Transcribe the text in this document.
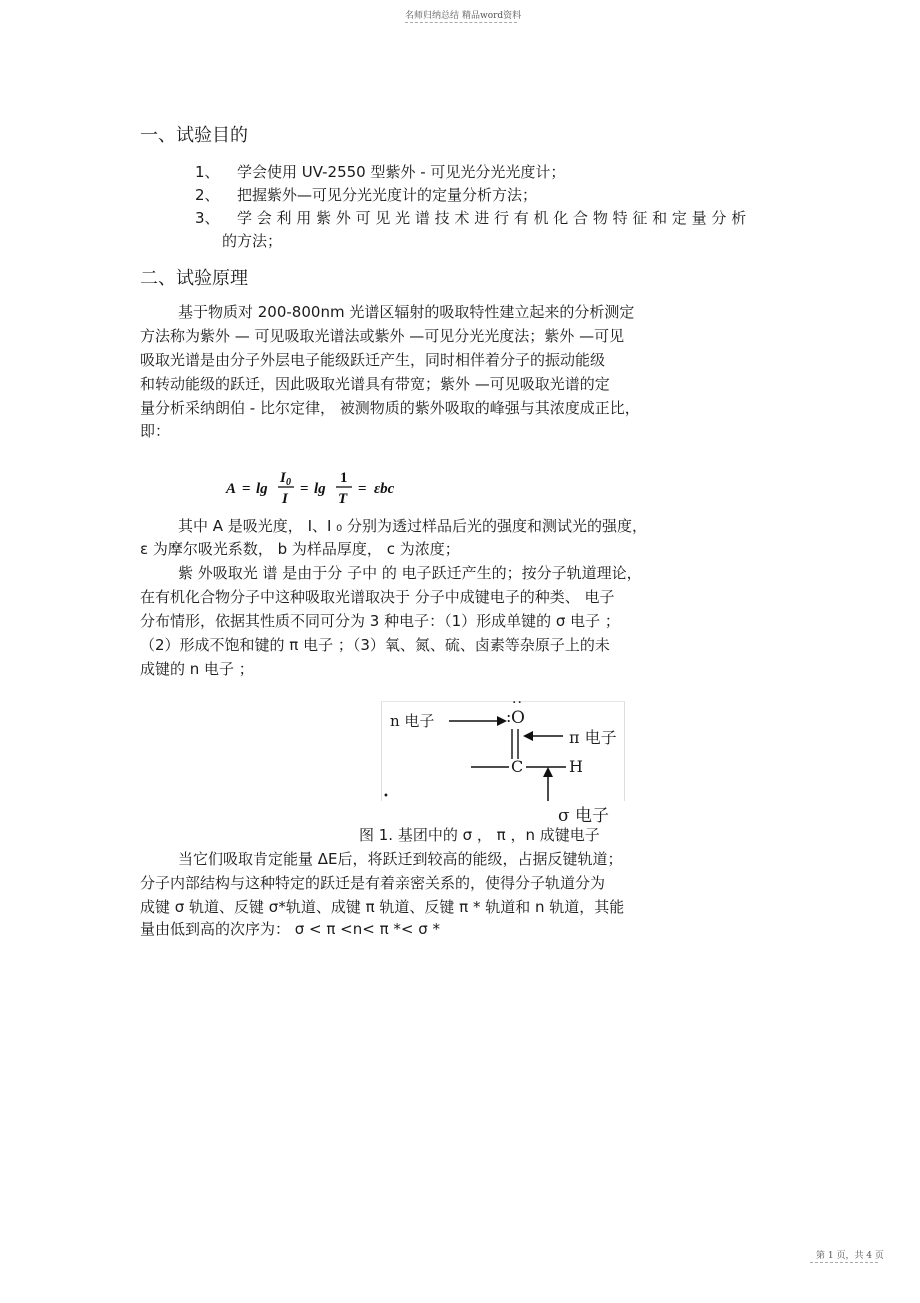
名师归纳总结 精品word资料
一、试验目的
1、 学会使用 UV-2550 型紫外 - 可见光分光光度计；
2、 把握紫外—可见分光光度计的定量分析方法；
3、 学 会 利 用 紫 外 可 见 光 谱 技 术 进 行 有 机 化 合 物 特 征 和 定 量 分 析
的方法；
二、试验原理
基于物质对 200-800nm 光谱区辐射的吸取特性建立起来的分析测定
方法称为紫外 — 可见吸取光谱法或紫外 —可见分光光度法；紫外 —可见
吸取光谱是由分子外层电子能级跃迁产生，同时相伴着分子的振动能级
和转动能级的跃迁，因此吸取光谱具有带宽；紫外 —可见吸取光谱的定
量分析采纳朗伯 - 比尔定律， 被测物质的紫外吸取的峰强与其浓度成正比，
即：
A = lg
I 0
I
= lg
1
T
= εbc
其中 A 是吸光度， I、I ₀ 分别为透过样品后光的强度和测试光的强度，
ε 为摩尔吸光系数， b 为样品厚度， c 为浓度；
紫 外吸取光 谱 是由于分 子中 的 电子跃迁产生的；按分子轨道理论，
在有机化合物分子中这种吸取光谱取决于 分子中成键电子的种类、 电子
分布情形，依据其性质不同可分为 3 种电子：（1）形成单键的 σ 电子 ；
（2）形成不饱和键的 π 电子 ；（3）氧、氮、硫、卤素等杂原子上的未
成键的 n 电子 ；
n 电子	:
··
O
π 电子
C	H
σ 电子
•
图 1. 基团中的 σ ， π ，n 成键电子
当它们吸取肯定能量 ΔE后，将跃迁到较高的能级，占据反键轨道；
分子内部结构与这种特定的跃迁是有着亲密关系的，使得分子轨道分为
成键 σ 轨道、反键 σ*轨道、成键 π 轨道、反键 π * 轨道和 n 轨道，其能
量由低到高的次序为： σ < π <n< π *< σ *
第 1 页，共 4 页
